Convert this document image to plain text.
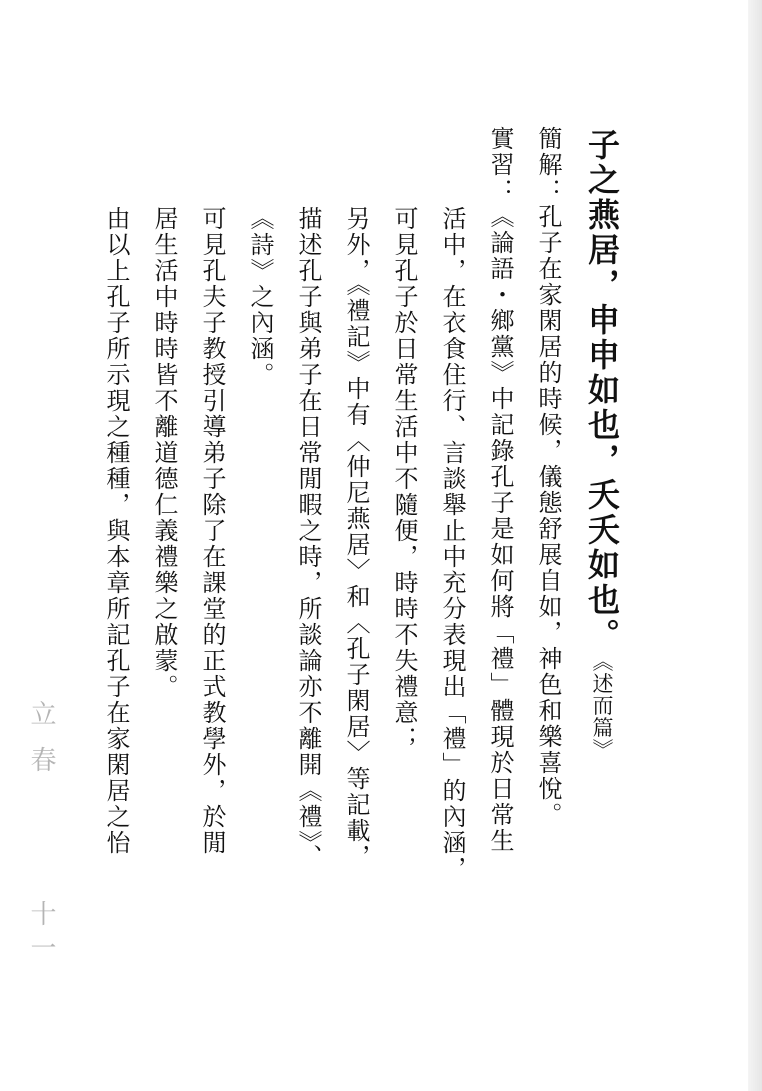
子之燕居，申申如也，夭夭如也。《述而篇》
簡解：孔子在家閑居的時候，儀態舒展自如，神色和樂喜悅。
實習：《論語・鄉黨》中記錄孔子是如何將「禮」體現於日常生
活中，在衣食住行、言談舉止中充分表現出「禮」的內涵，
可見孔子於日常生活中不隨便，時時不失禮意；
另外，《禮記》中有〈仲尼燕居〉和〈孔子閑居〉等記載，
描述孔子與弟子在日常閒暇之時，所談論亦不離開《禮》、
《詩》之內涵。
可見孔夫子教授引導弟子除了在課堂的正式教學外，於閒
居生活中時時皆不離道德仁義禮樂之啟蒙。
由以上孔子所示現之種種，與本章所記孔子在家閑居之怡
立春
十一
